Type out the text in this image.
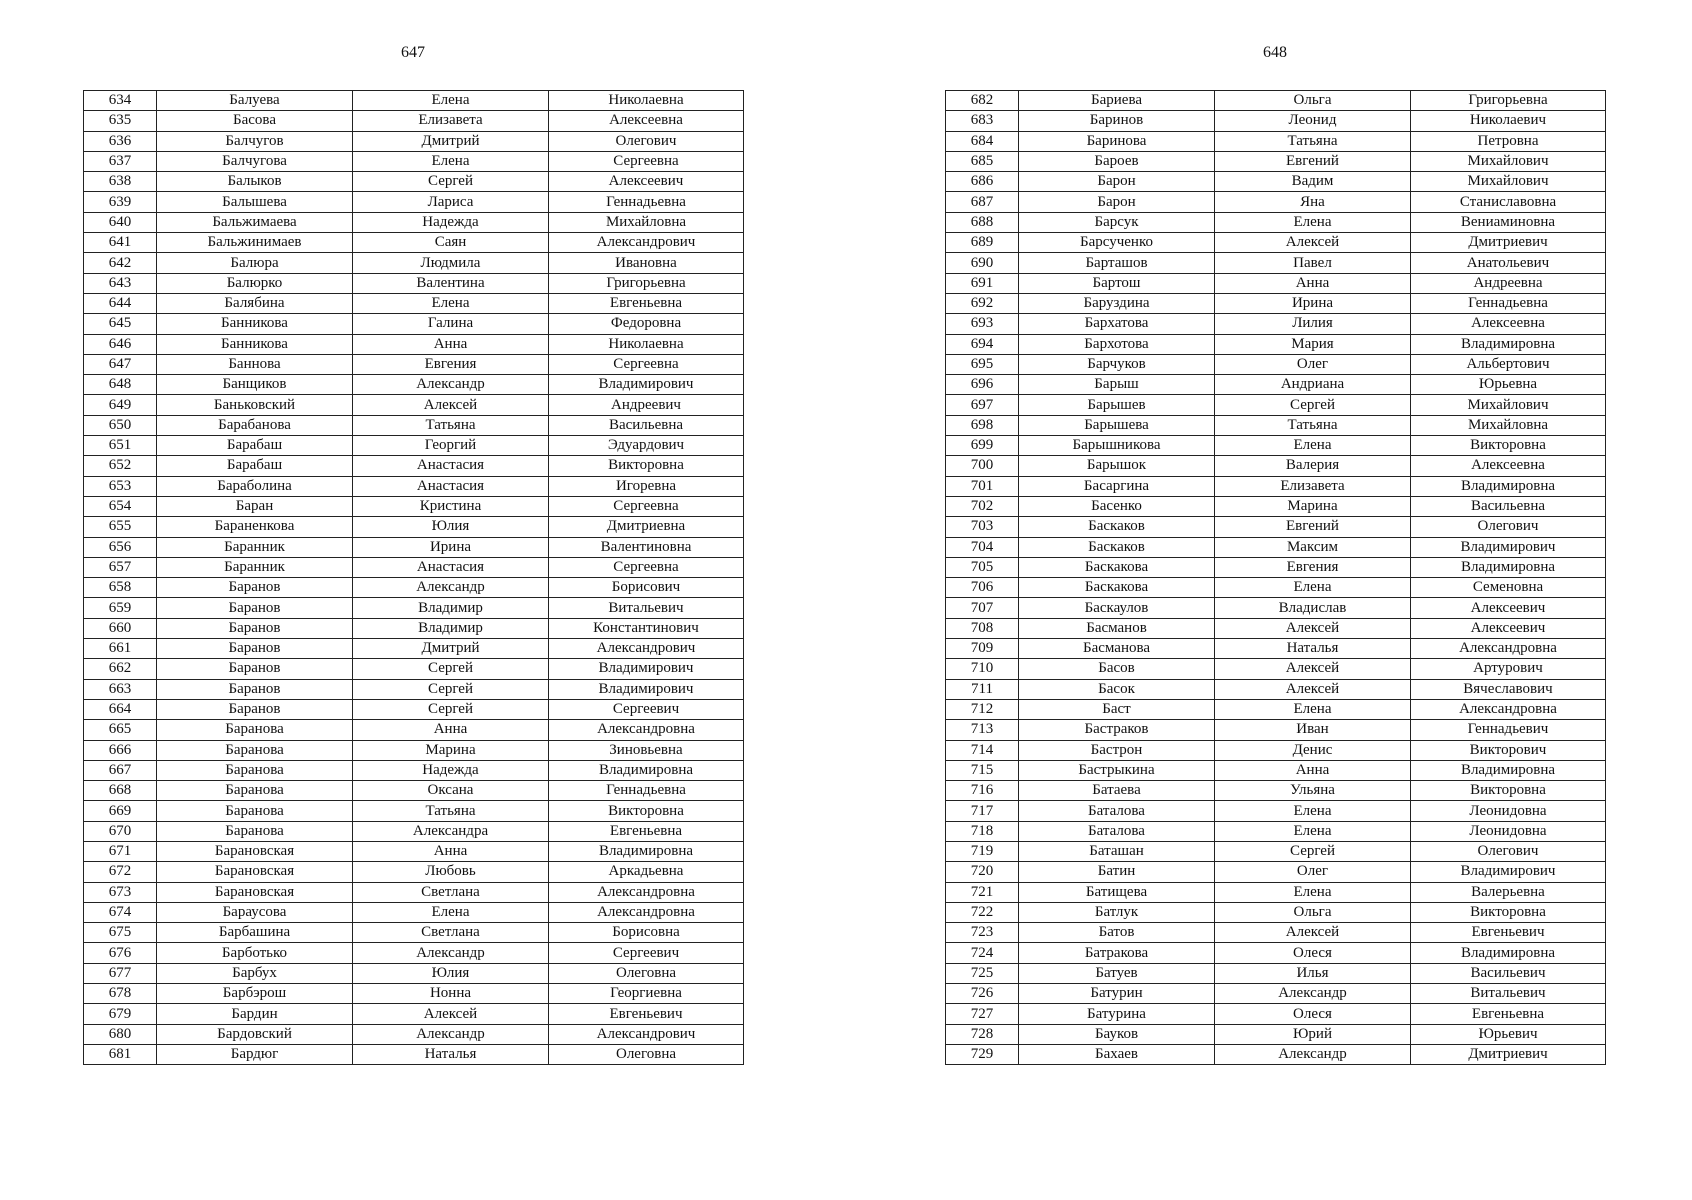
647
634	Балуева	Елена	Николаевна
635	Басова	Елизавета	Алексеевна
636	Балчугов	Дмитрий	Олегович
637	Балчугова	Елена	Сергеевна
638	Балыков	Сергей	Алексеевич
639	Балышева	Лариса	Геннадьевна
640	Бальжимаева	Надежда	Михайловна
641	Бальжинимаев	Саян	Александрович
642	Балюра	Людмила	Ивановна
643	Балюрко	Валентина	Григорьевна
644	Балябина	Елена	Евгеньевна
645	Банникова	Галина	Федоровна
646	Банникова	Анна	Николаевна
647	Баннова	Евгения	Сергеевна
648	Банщиков	Александр	Владимирович
649	Баньковский	Алексей	Андреевич
650	Барабанова	Татьяна	Васильевна
651	Барабаш	Георгий	Эдуардович
652	Барабаш	Анастасия	Викторовна
653	Бараболина	Анастасия	Игоревна
654	Баран	Кристина	Сергеевна
655	Бараненкова	Юлия	Дмитриевна
656	Баранник	Ирина	Валентиновна
657	Баранник	Анастасия	Сергеевна
658	Баранов	Александр	Борисович
659	Баранов	Владимир	Витальевич
660	Баранов	Владимир	Константинович
661	Баранов	Дмитрий	Александрович
662	Баранов	Сергей	Владимирович
663	Баранов	Сергей	Владимирович
664	Баранов	Сергей	Сергеевич
665	Баранова	Анна	Александровна
666	Баранова	Марина	Зиновьевна
667	Баранова	Надежда	Владимировна
668	Баранова	Оксана	Геннадьевна
669	Баранова	Татьяна	Викторовна
670	Баранова	Александра	Евгеньевна
671	Барановская	Анна	Владимировна
672	Барановская	Любовь	Аркадьевна
673	Барановская	Светлана	Александровна
674	Бараусова	Елена	Александровна
675	Барбашина	Светлана	Борисовна
676	Барботько	Александр	Сергеевич
677	Барбух	Юлия	Олеговна
678	Барбэрош	Нонна	Георгиевна
679	Бардин	Алексей	Евгеньевич
680	Бардовский	Александр	Александрович
681	Бардюг	Наталья	Олеговна
648
682	Бариева	Ольга	Григорьевна
683	Баринов	Леонид	Николаевич
684	Баринова	Татьяна	Петровна
685	Бароев	Евгений	Михайлович
686	Барон	Вадим	Михайлович
687	Барон	Яна	Станиславовна
688	Барсук	Елена	Вениаминовна
689	Барсученко	Алексей	Дмитриевич
690	Барташов	Павел	Анатольевич
691	Бартош	Анна	Андреевна
692	Баруздина	Ирина	Геннадьевна
693	Бархатова	Лилия	Алексеевна
694	Бархотова	Мария	Владимировна
695	Барчуков	Олег	Альбертович
696	Барыш	Андриана	Юрьевна
697	Барышев	Сергей	Михайлович
698	Барышева	Татьяна	Михайловна
699	Барышникова	Елена	Викторовна
700	Барышок	Валерия	Алексеевна
701	Басаргина	Елизавета	Владимировна
702	Басенко	Марина	Васильевна
703	Баскаков	Евгений	Олегович
704	Баскаков	Максим	Владимирович
705	Баскакова	Евгения	Владимировна
706	Баскакова	Елена	Семеновна
707	Баскаулов	Владислав	Алексеевич
708	Басманов	Алексей	Алексеевич
709	Басманова	Наталья	Александровна
710	Басов	Алексей	Артурович
711	Басок	Алексей	Вячеславович
712	Баст	Елена	Александровна
713	Бастраков	Иван	Геннадьевич
714	Бастрон	Денис	Викторович
715	Бастрыкина	Анна	Владимировна
716	Батаева	Ульяна	Викторовна
717	Баталова	Елена	Леонидовна
718	Баталова	Елена	Леонидовна
719	Баташан	Сергей	Олегович
720	Батин	Олег	Владимирович
721	Батищева	Елена	Валерьевна
722	Батлук	Ольга	Викторовна
723	Батов	Алексей	Евгеньевич
724	Батракова	Олеся	Владимировна
725	Батуев	Илья	Васильевич
726	Батурин	Александр	Витальевич
727	Батурина	Олеся	Евгеньевна
728	Бауков	Юрий	Юрьевич
729	Бахаев	Александр	Дмитриевич
